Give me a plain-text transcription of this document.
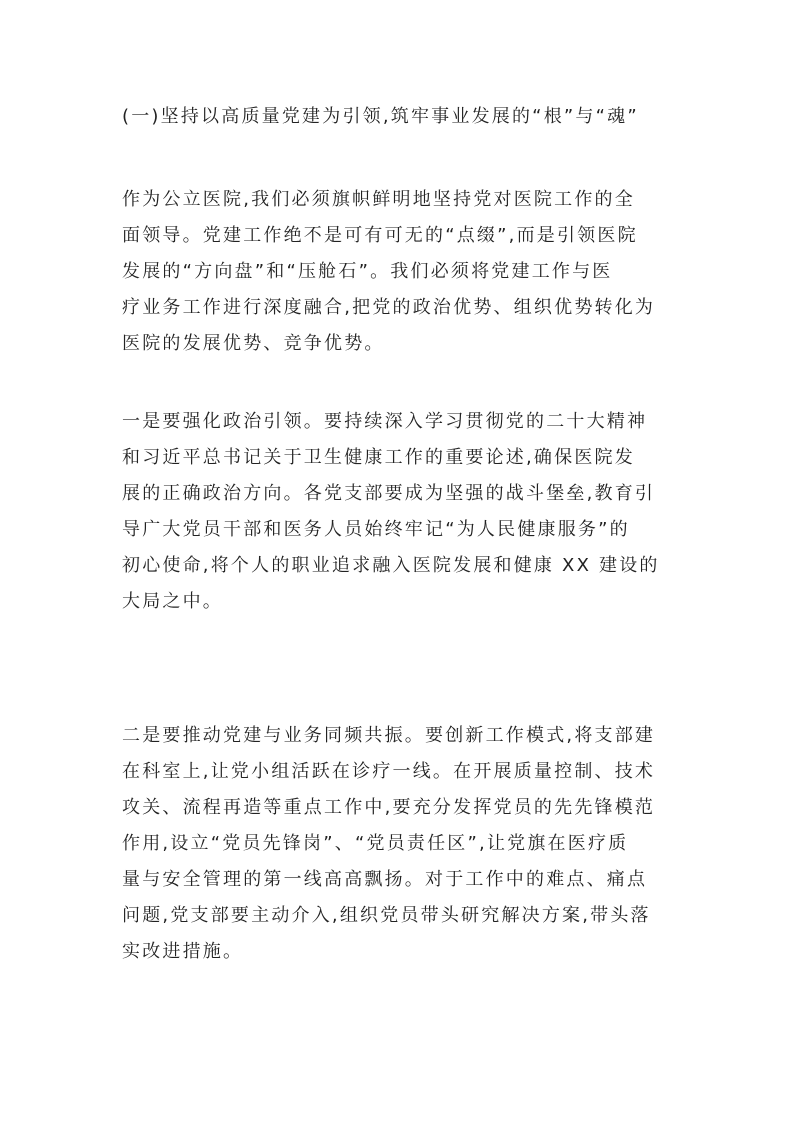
(一)坚持以高质量党建为引领,筑牢事业发展的“根”与“魂”
作为公立医院,我们必须旗帜鲜明地坚持党对医院工作的全
面领导。党建工作绝不是可有可无的“点缀”,而是引领医院
发展的“方向盘”和“压舱石”。我们必须将党建工作与医
疗业务工作进行深度融合,把党的政治优势、组织优势转化为
医院的发展优势、竞争优势。
一是要强化政治引领。要持续深入学习贯彻党的二十大精神
和习近平总书记关于卫生健康工作的重要论述,确保医院发
展的正确政治方向。各党支部要成为坚强的战斗堡垒,教育引
导广大党员干部和医务人员始终牢记“为人民健康服务”的
初心使命,将个人的职业追求融入医院发展和健康 XX 建设的
大局之中。
二是要推动党建与业务同频共振。要创新工作模式,将支部建
在科室上,让党小组活跃在诊疗一线。在开展质量控制、技术
攻关、流程再造等重点工作中,要充分发挥党员的先先锋模范
作用,设立“党员先锋岗”、“党员责任区”,让党旗在医疗质
量与安全管理的第一线高高飘扬。对于工作中的难点、痛点
问题,党支部要主动介入,组织党员带头研究解决方案,带头落
实改进措施。
